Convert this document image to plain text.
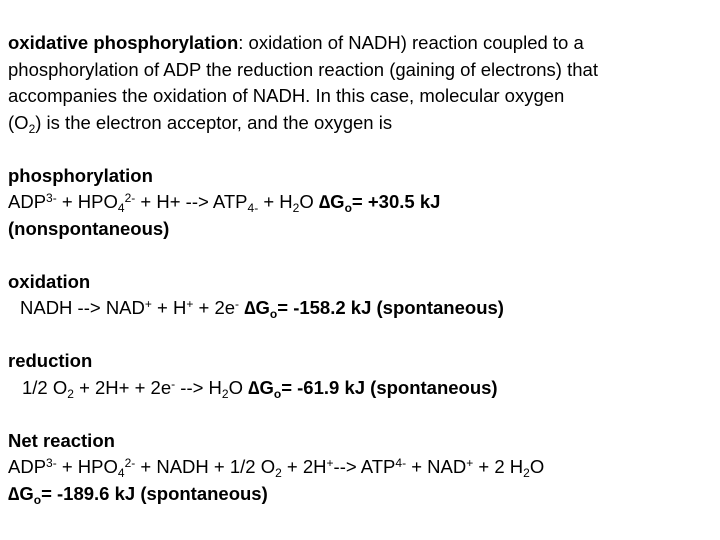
oxidative phosphorylation: oxidation of NADH) reaction coupled to a
phosphorylation of ADP the reduction reaction (gaining of electrons) that
accompanies the oxidation of NADH. In this case, molecular oxygen
$(O_2)$ is the electron acceptor, and the oxygen is
phosphorylation
$ADP^{3-} + HPO_4^{2-} + H+$ --> $ATP_{4-} + H_2O$ $\Delta G_o= +30.5$ kJ
(nonspontaneous)
oxidation
NADH --> NAD+ + H+ + 2e- $\Delta G_o= -158.2$ kJ (spontaneous)
reduction
1/2 $O_2 + 2H+ + 2e^-$ --> $H_2O$ $\Delta G_o= -61.9$ kJ (spontaneous)
Net reaction
$ADP^{3-} + HPO_4^{2-}$ + NADH + 1/2 $O_2 + 2H^+--> ATP^{4-} + NAD^+ + 2$ $H_2O$
$\Delta G_o= -189.6$ kJ (spontaneous)
